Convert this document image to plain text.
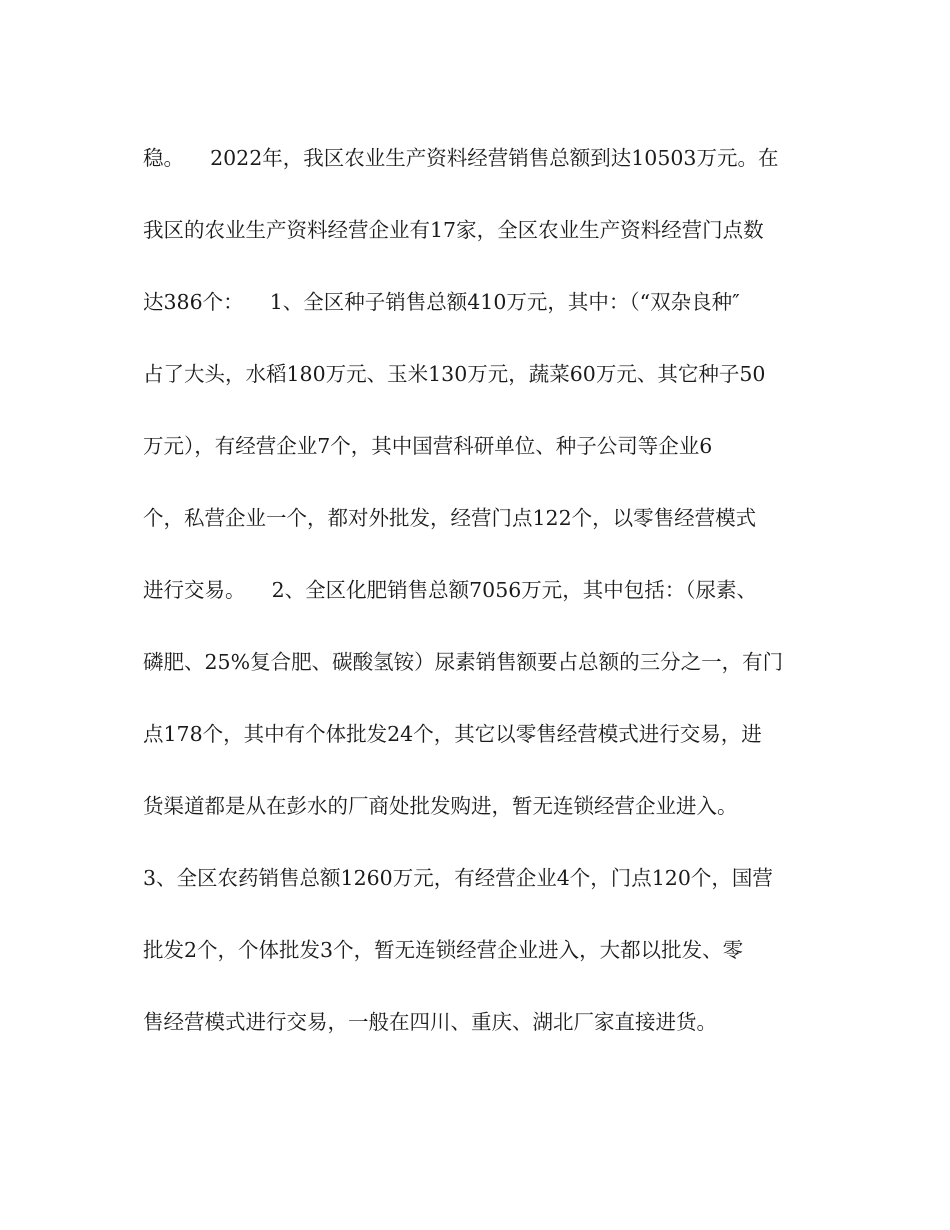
稳。    2022年，我区农业生产资料经营销售总额到达10503万元。在
我区的农业生产资料经营企业有17家，全区农业生产资料经营门点数
达386个：    1、全区种子销售总额410万元，其中：（“双杂良种″
占了大头，水稻180万元、玉米130万元，蔬菜60万元、其它种子50
万元），有经营企业7个，其中国营科研单位、种子公司等企业6
个，私营企业一个，都对外批发，经营门点122个，以零售经营模式
进行交易。    2、全区化肥销售总额7056万元，其中包括：（尿素、
磷肥、25%复合肥、碳酸氢铵）尿素销售额要占总额的三分之一，有门
点178个，其中有个体批发24个，其它以零售经营模式进行交易，进
货渠道都是从在彭水的厂商处批发购进，暂无连锁经营企业进入。
3、全区农药销售总额1260万元，有经营企业4个，门点120个，国营
批发2个，个体批发3个，暂无连锁经营企业进入，大都以批发、零
售经营模式进行交易，一般在四川、重庆、湖北厂家直接进货。
